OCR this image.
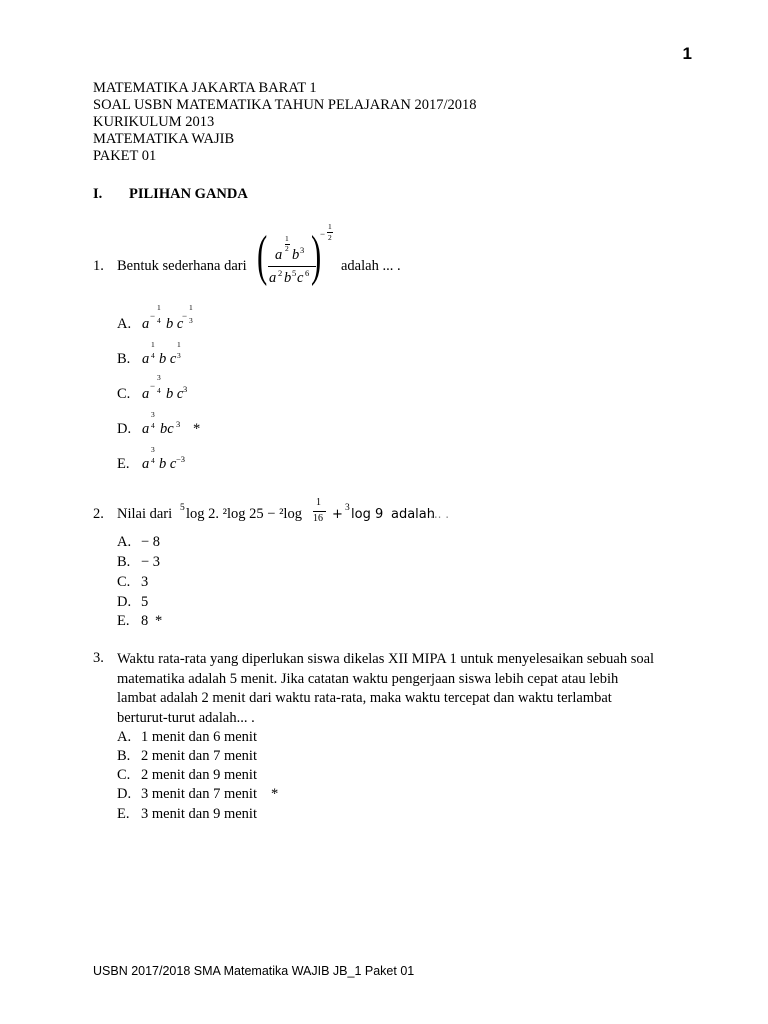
1
MATEMATIKA JAKARTA BARAT 1
SOAL USBN MATEMATIKA TAHUN PELAJARAN 2017/2018
KURIKULUM 2013
MATEMATIKA WAJIB
PAKET 01
I. PILIHAN GANDA
1. Bentuk sederhana dari ( )
a
1
2 b 3
a 2 b 5 c 6
−
1
2
adalah ... .
A. a −
1
4 b c
−
1
3
B. a
1
4 b c
1
3
C. a −
3
4 b c 3
D. a
3
4 bc 3 *
E. a
3
4 b c −3
2. Nilai dari 5 log 2. ²log 25 − ²log
1
16 + 3 log 9 adalah
... .
A. − 8
B. − 3
C. 3
D. 5
E. 8 *
3. Waktu rata-rata yang diperlukan siswa dikelas XII MIPA 1 untuk menyelesaikan sebuah soal
matematika adalah 5 menit. Jika catatan waktu pengerjaan siswa lebih cepat atau lebih
lambat adalah 2 menit dari waktu rata-rata, maka waktu tercepat dan waktu terlambat
berturut-turut adalah... .
A. 1 menit dan 6 menit
B. 2 menit dan 7 menit
C. 2 menit dan 9 menit
D. 3 menit dan 7 menit *
E. 3 menit dan 9 menit
USBN 2017/2018 SMA Matematika WAJIB JB_1 Paket 01
